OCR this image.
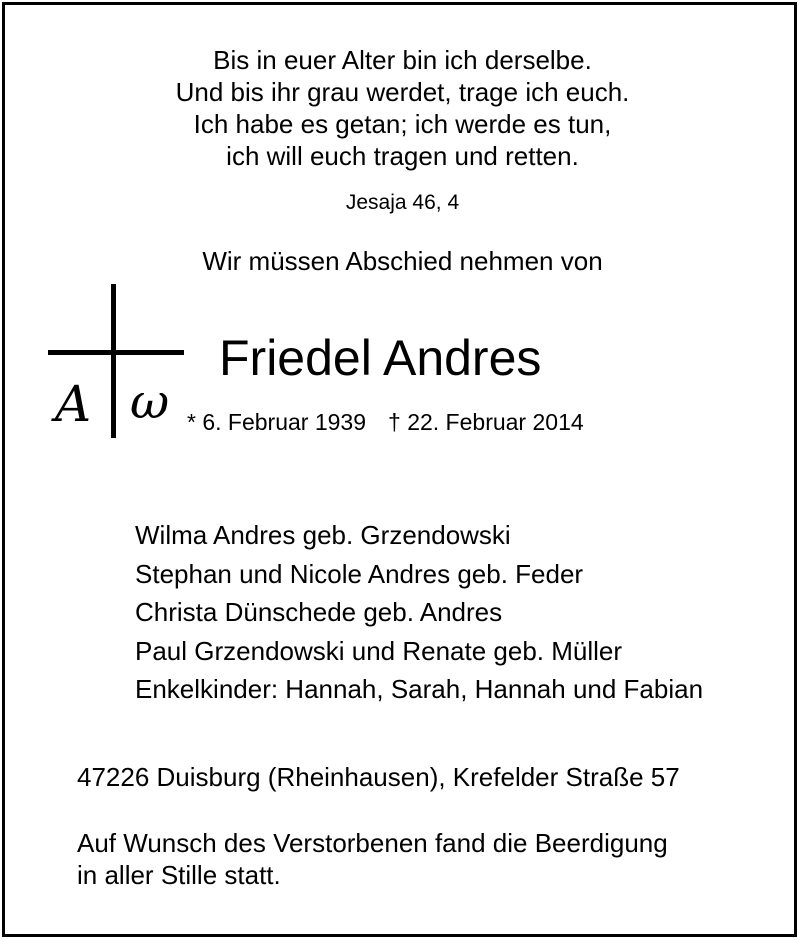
Bis in euer Alter bin ich derselbe.
Und bis ihr grau werdet, trage ich euch.
Ich habe es getan; ich werde es tun,
ich will euch tragen und retten.
Jesaja 46, 4
Wir müssen Abschied nehmen von
A ω
Friedel Andres
* 6. Februar 1939 † 22. Februar 2014
Wilma Andres geb. Grzendowski
Stephan und Nicole Andres geb. Feder
Christa Dünschede geb. Andres
Paul Grzendowski und Renate geb. Müller
Enkelkinder: Hannah, Sarah, Hannah und Fabian
47226 Duisburg (Rheinhausen), Krefelder Straße 57
Auf Wunsch des Verstorbenen fand die Beerdigung
in aller Stille statt.
